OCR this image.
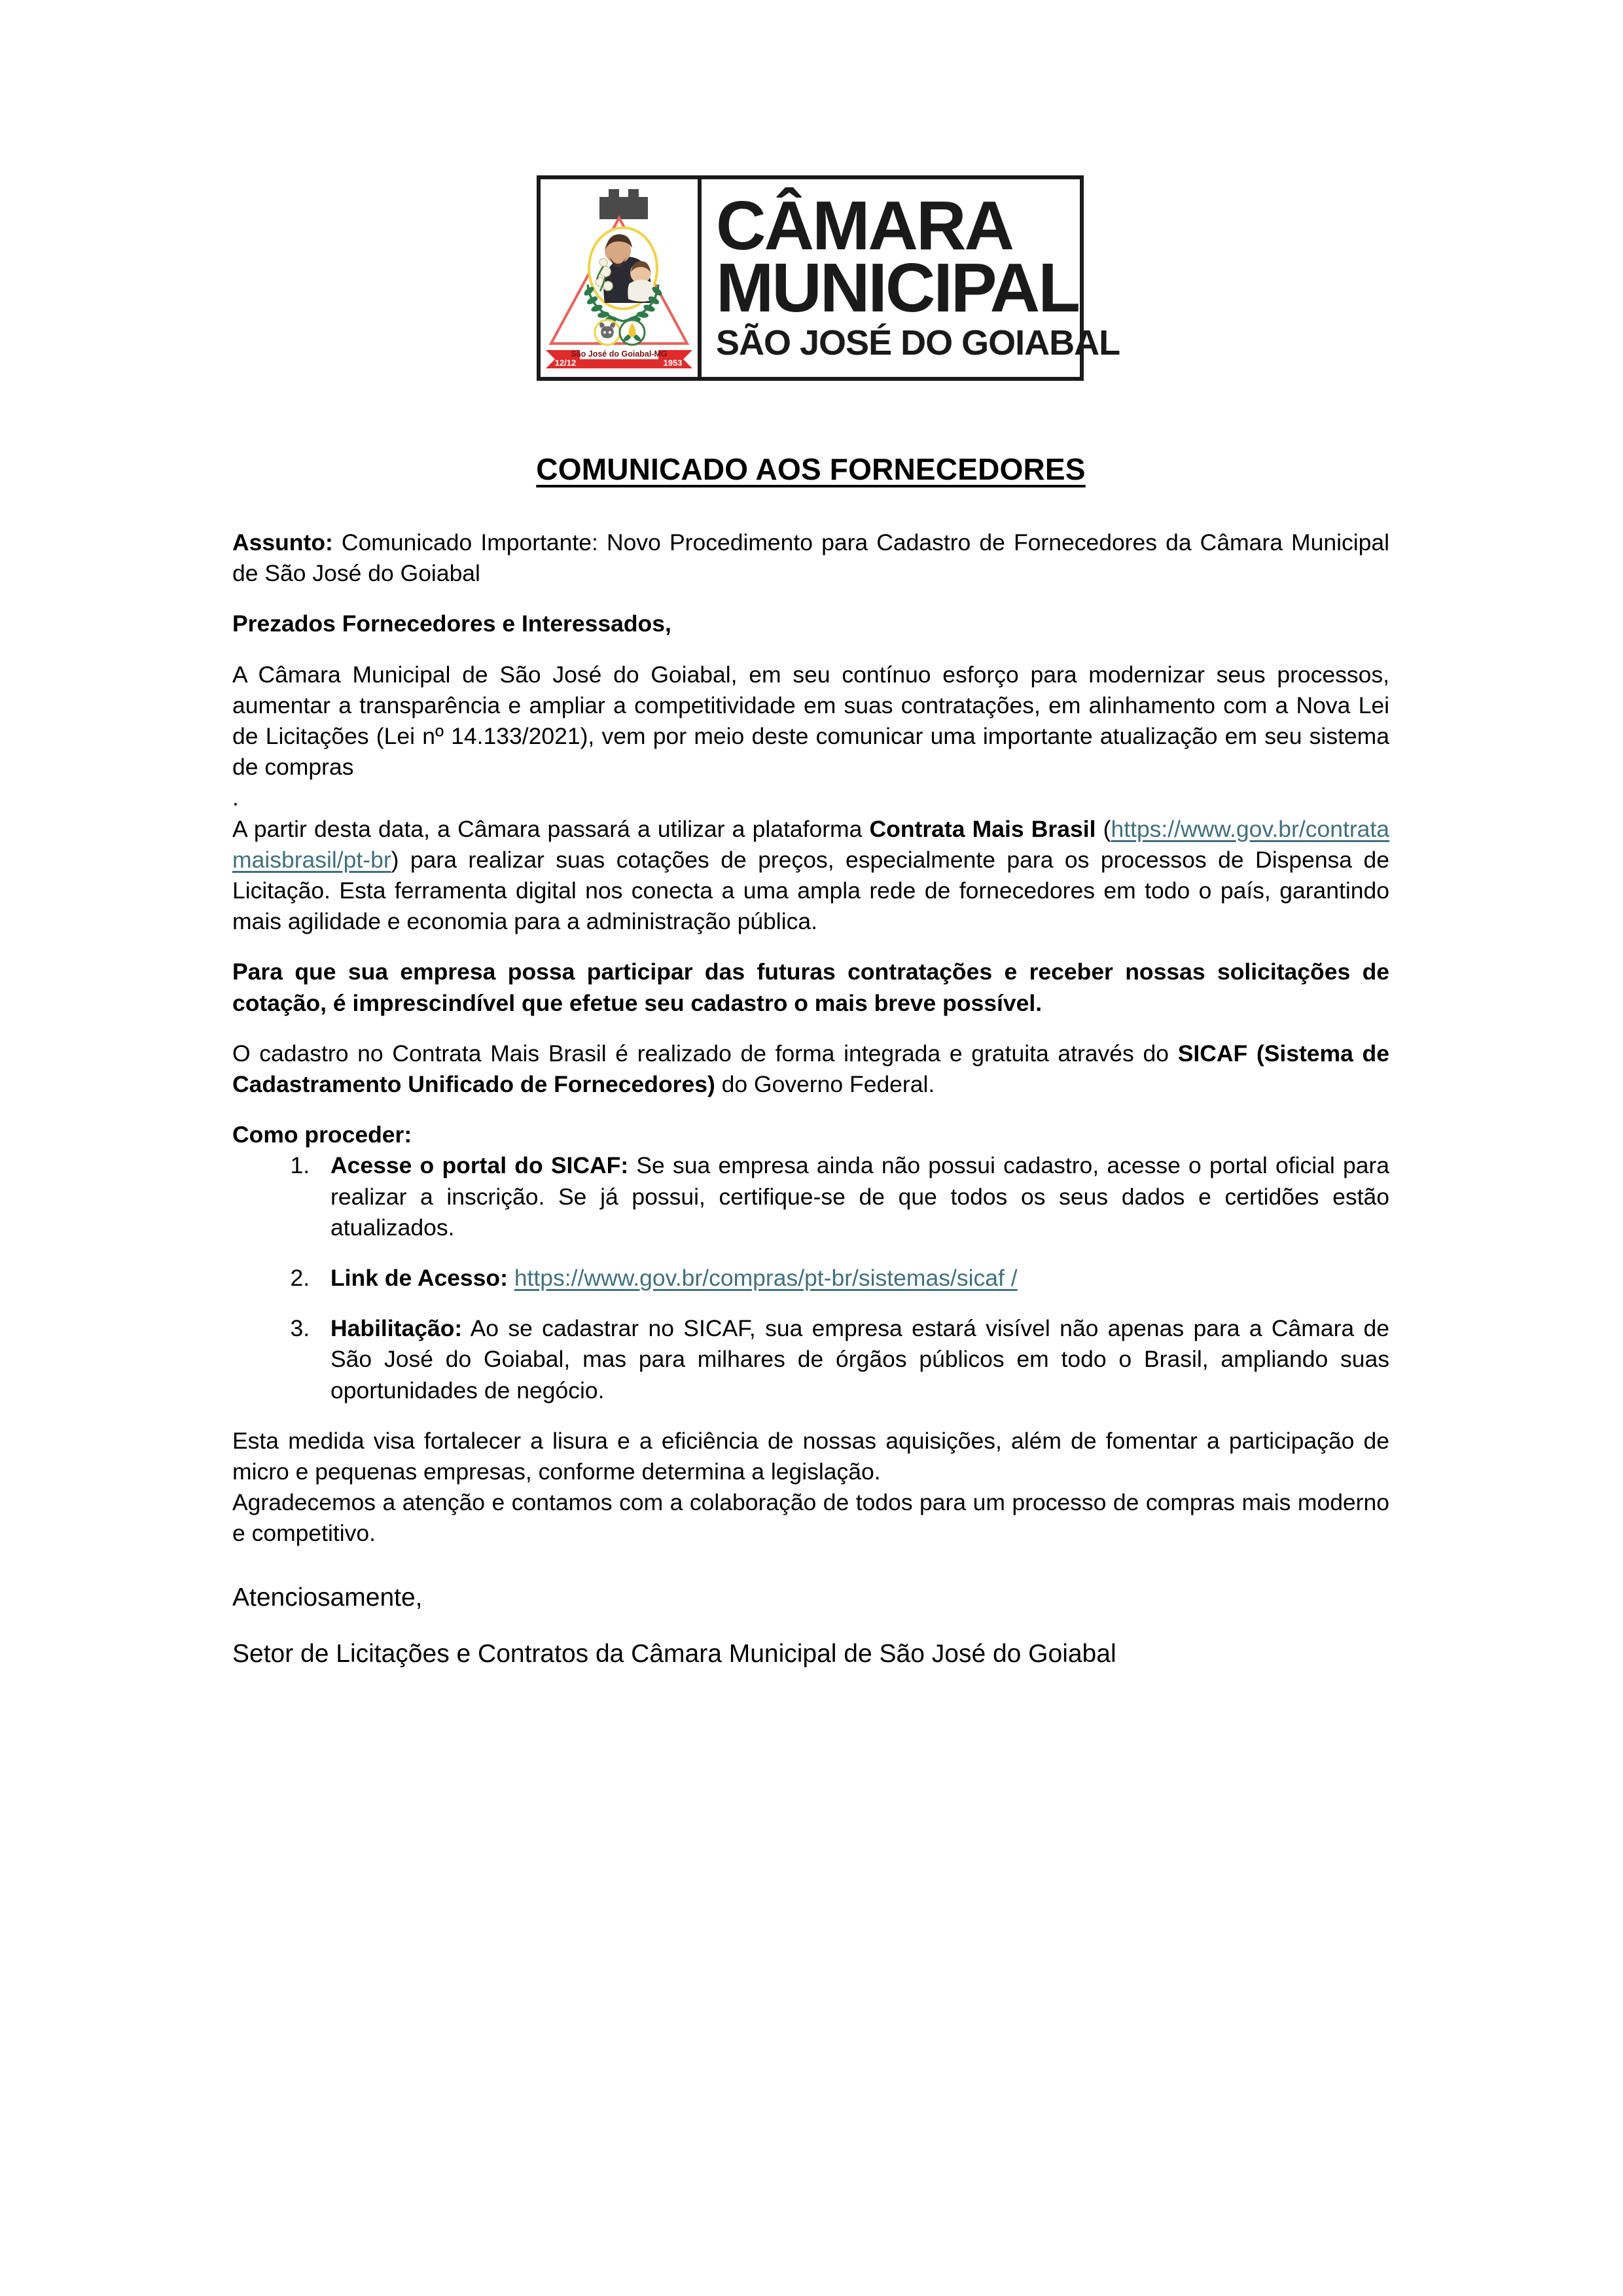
São José do Goiabal-MG
12/12	1953
CÂMARA
MUNICIPAL
SÃO JOSÉ DO GOIABAL
COMUNICADO AOS FORNECEDORES

Assunto: Comunicado Importante: Novo Procedimento para Cadastro de Fornecedores da Câmara Municipal de São José do Goiabal

Prezados Fornecedores e Interessados,

A Câmara Municipal de São José do Goiabal, em seu contínuo esforço para modernizar seus processos, aumentar a transparência e ampliar a competitividade em suas contratações, em alinhamento com a Nova Lei de Licitações (Lei nº 14.133/2021), vem por meio deste comunicar uma importante atualização em seu sistema de compras

.

A partir desta data, a Câmara passará a utilizar a plataforma Contrata Mais Brasil (https://www.gov.br/contratamaisbrasil/pt-br) para realizar suas cotações de preços, especialmente para os processos de Dispensa de Licitação. Esta ferramenta digital nos conecta a uma ampla rede de fornecedores em todo o país, garantindo mais agilidade e economia para a administração pública.

Para que sua empresa possa participar das futuras contratações e receber nossas solicitações de cotação, é imprescindível que efetue seu cadastro o mais breve possível.

O cadastro no Contrata Mais Brasil é realizado de forma integrada e gratuita através do SICAF (Sistema de Cadastramento Unificado de Fornecedores) do Governo Federal.

Como proceder:

1. Acesse o portal do SICAF: Se sua empresa ainda não possui cadastro, acesse o portal oficial para realizar a inscrição. Se já possui, certifique-se de que todos os seus dados e certidões estão atualizados.
2. Link de Acesso: https://www.gov.br/compras/pt-br/sistemas/sicaf /
3. Habilitação: Ao se cadastrar no SICAF, sua empresa estará visível não apenas para a Câmara de São José do Goiabal, mas para milhares de órgãos públicos em todo o Brasil, ampliando suas oportunidades de negócio.

Esta medida visa fortalecer a lisura e a eficiência de nossas aquisições, além de fomentar a participação de micro e pequenas empresas, conforme determina a legislação.

Agradecemos a atenção e contamos com a colaboração de todos para um processo de compras mais moderno e competitivo.

Atenciosamente,

Setor de Licitações e Contratos da Câmara Municipal de São José do Goiabal
